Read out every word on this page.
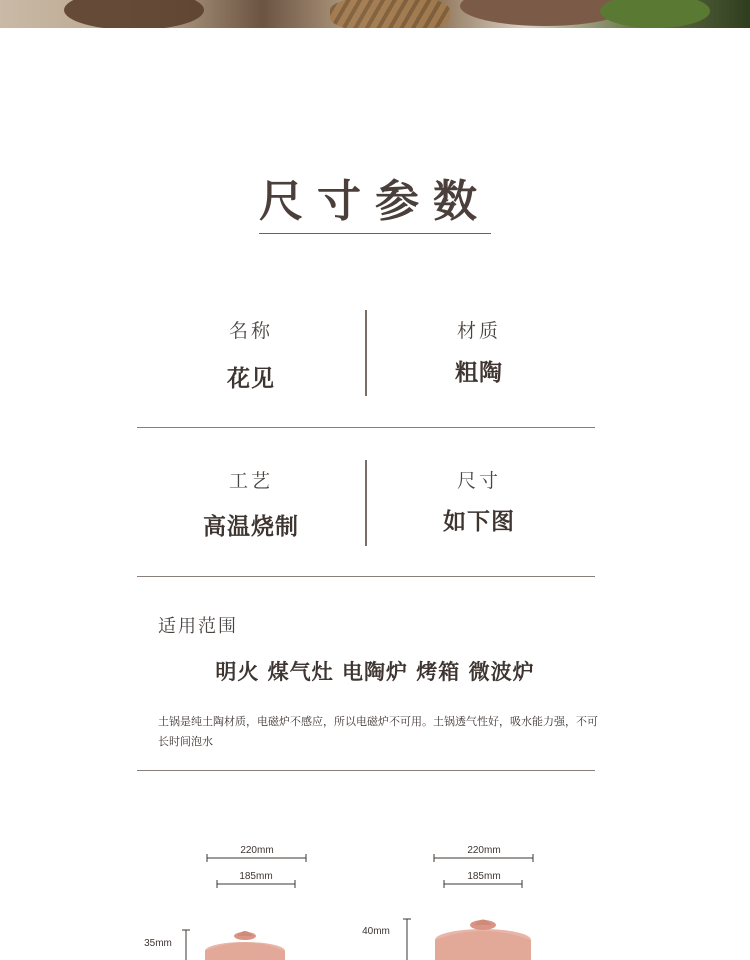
尺寸参数
名称
花见
材质
粗陶
工艺
高温烧制
尺寸
如下图
适用范围
明火 煤气灶 电陶炉 烤箱 微波炉
土锅是纯土陶材质，电磁炉不感应，所以电磁炉不可用。土锅透气性好，吸水能力强，不可长时间泡水
220mm
185mm
35mm
220mm
185mm
40mm
